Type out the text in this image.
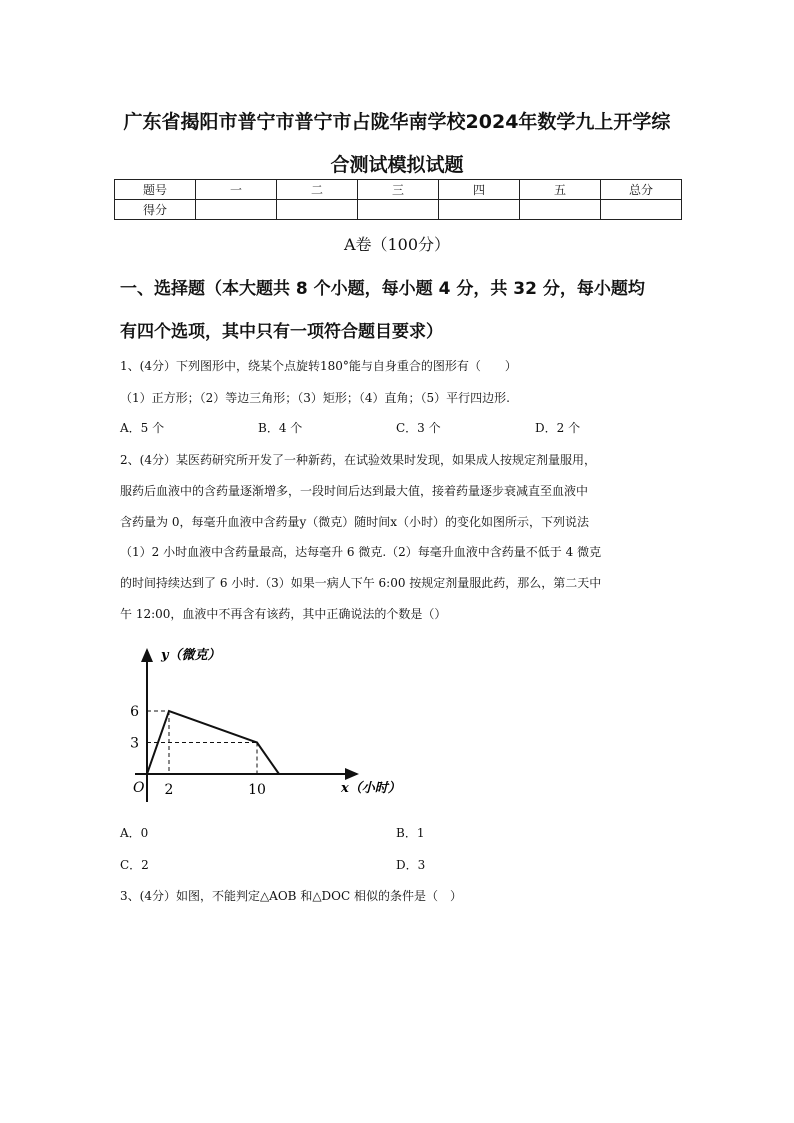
广东省揭阳市普宁市普宁市占陇华南学校2024年数学九上开学综
合测试模拟试题
题号	一	二	三	四	五	总分
得分						
A卷（100分）
一、选择题（本大题共 8 个小题，每小题 4 分，共 32 分，每小题均
有四个选项，其中只有一项符合题目要求）
1、(4分）下列图形中，绕某个点旋转180°能与自身重合的图形有（　　）
（1）正方形；（2）等边三角形；（3）矩形；（4）直角；（5）平行四边形.
A．5 个	B．4 个	C．3 个	D．2 个
2、(4分）某医药研究所开发了一种新药，在试验效果时发现，如果成人按规定剂量服用，
服药后血液中的含药量逐渐增多，一段时间后达到最大值，接着药量逐步衰减直至血液中
含药量为 0，每毫升血液中含药量y（微克）随时间x（小时）的变化如图所示，下列说法
（1）2 小时血液中含药量最高，达每毫升 6 微克.（2）每毫升血液中含药量不低于 4 微克
的时间持续达到了 6 小时.（3）如果一病人下午 6:00 按规定剂量服此药，那么，第二天中
午 12:00，血液中不再含有该药，其中正确说法的个数是（）
2	10
6
3
y（微克）
x（小时）
O
A．0	B．1
C．2	D．3
3、(4分）如图，不能判定△AOB 和△DOC 相似的条件是（　）
